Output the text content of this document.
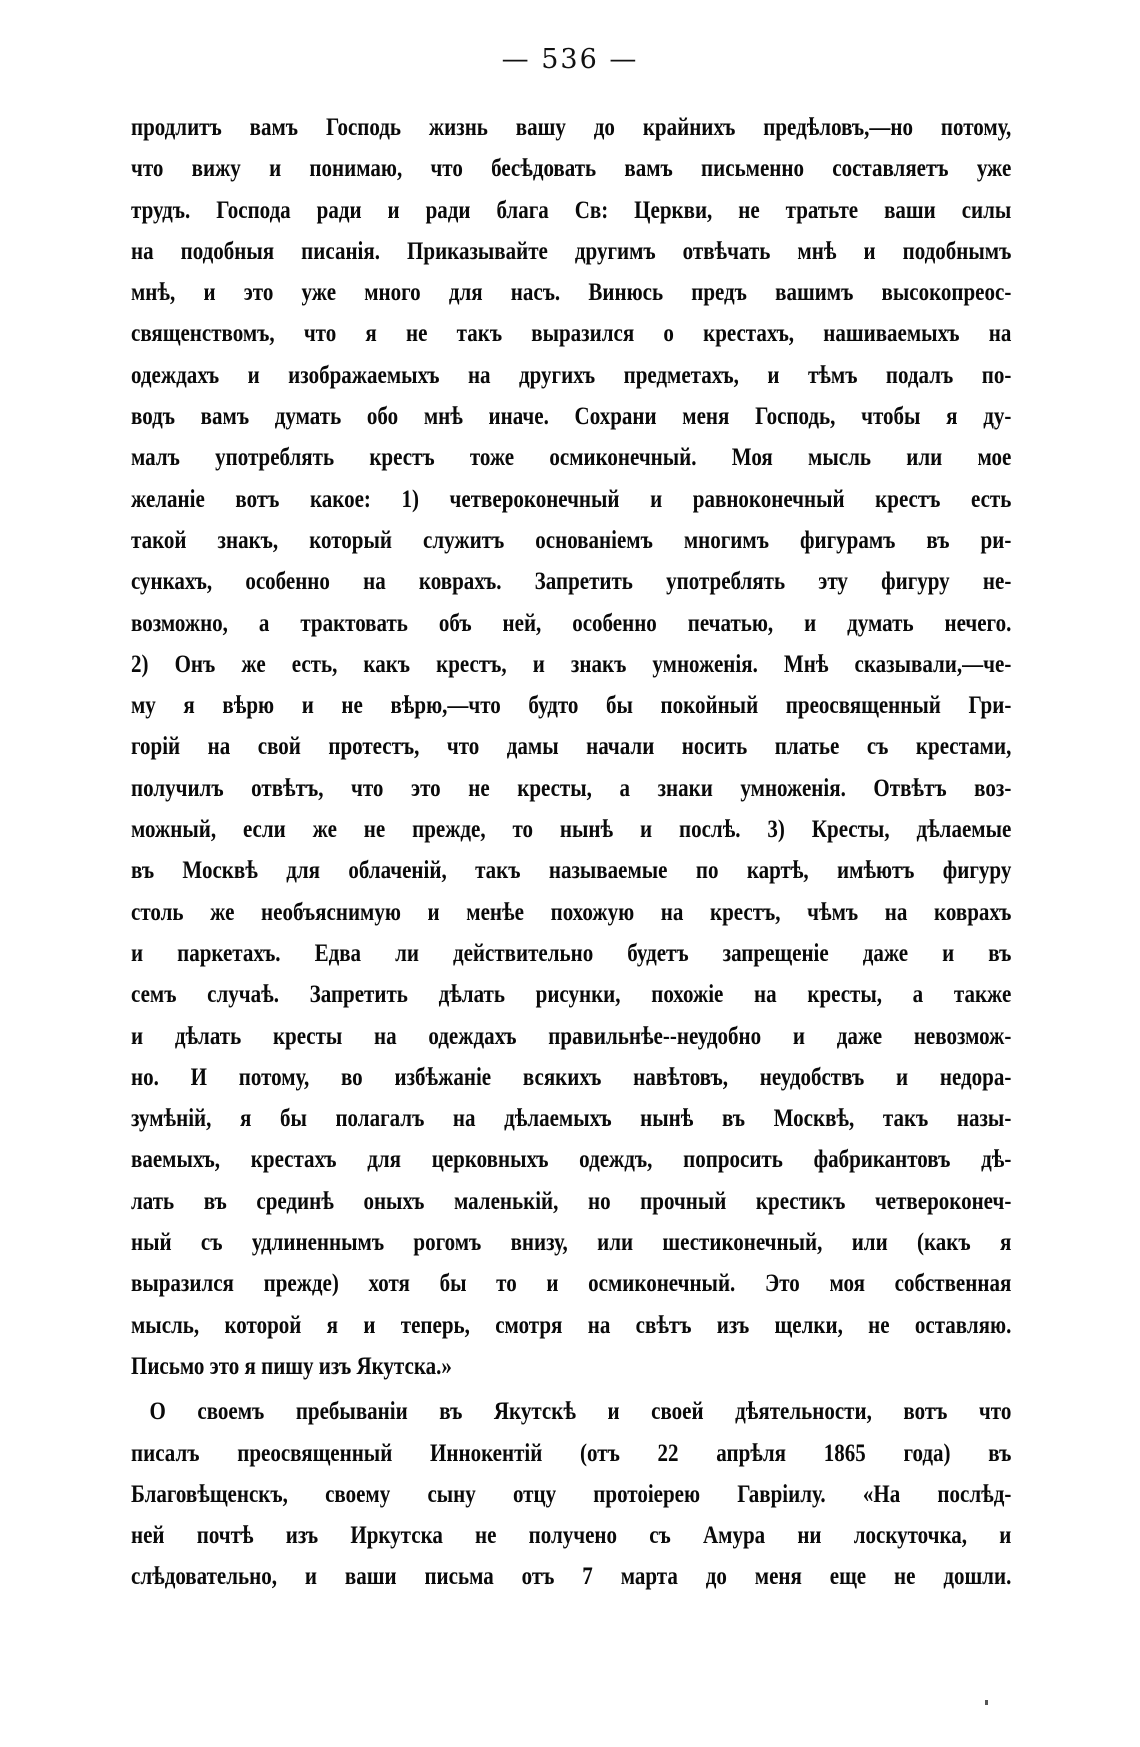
— 536 —
продлитъ вамъ Господь жизнь вашу до крайнихъ предѣловъ,—но потому,
что вижу и понимаю, что бесѣдовать вамъ письменно составляетъ уже
трудъ. Господа ради и ради блага Св: Церкви, не тратьте ваши силы
на подобныя писанія. Приказывайте другимъ отвѣчать мнѣ и подобнымъ
мнѣ, и это уже много для насъ. Винюсь предъ вашимъ высокопреос-
священствомъ, что я не такъ выразился о крестахъ, нашиваемыхъ на
одеждахъ и изображаемыхъ на другихъ предметахъ, и тѣмъ подалъ по-
водъ вамъ думать обо мнѣ иначе. Сохрани меня Господь, чтобы я ду-
малъ употреблять крестъ тоже осмиконечный. Моя мысль или мое
желаніе вотъ какое: 1) четвероконечный и равноконечный крестъ есть
такой знакъ, который служитъ основаніемъ многимъ фигурамъ въ ри-
сункахъ, особенно на коврахъ. Запретить употреблять эту фигуру не-
возможно, а трактовать объ ней, особенно печатью, и думать нечего.
2) Онъ же есть, какъ крестъ, и знакъ умноженія. Мнѣ сказывали,—че-
му я вѣрю и не вѣрю,—что будто бы покойный преосвященный Гри-
горій на свой протестъ, что дамы начали носить платье съ крестами,
получилъ отвѣтъ, что это не кресты, а знаки умноженія. Отвѣтъ воз-
можный, если же не прежде, то нынѣ и послѣ. 3) Кресты, дѣлаемые
въ Москвѣ для облаченій, такъ называемые по картѣ, имѣютъ фигуру
столь же необъяснимую и менѣе похожую на крестъ, чѣмъ на коврахъ
и паркетахъ. Едва ли действительно будетъ запрещеніе даже и въ
семъ случаѣ. Запретить дѣлать рисунки, похожіе на кресты, а также
и дѣлать кресты на одеждахъ правильнѣе--неудобно и даже невозмож-
но. И потому, во избѣжаніе всякихъ навѣтовъ, неудобствъ и недора-
зумѣній, я бы полагалъ на дѣлаемыхъ нынѣ въ Москвѣ, такъ назы-
ваемыхъ, крестахъ для церковныхъ одеждъ, попросить фабрикантовъ дѣ-
лать въ срединѣ оныхъ маленькій, но прочный крестикъ четвероконеч-
ный съ удлиненнымъ рогомъ внизу, или шестиконечный, или (какъ я
выразился прежде) хотя бы то и осмиконечный. Это моя собственная
мысль, которой я и теперь, смотря на свѣтъ изъ щелки, не оставляю.
Письмо это я пишу изъ Якутска.»
О своемъ пребываніи въ Якутскѣ и своей дѣятельности, вотъ что
писалъ преосвященный Иннокентій (отъ 22 апрѣля 1865 года) въ
Благовѣщенскъ, своему сыну отцу протоіерею Гавріилу. «На послѣд-
ней почтѣ изъ Иркутска не получено съ Амура ни лоскуточка, и
слѣдовательно, и ваши письма отъ 7 марта до меня еще не дошли.
